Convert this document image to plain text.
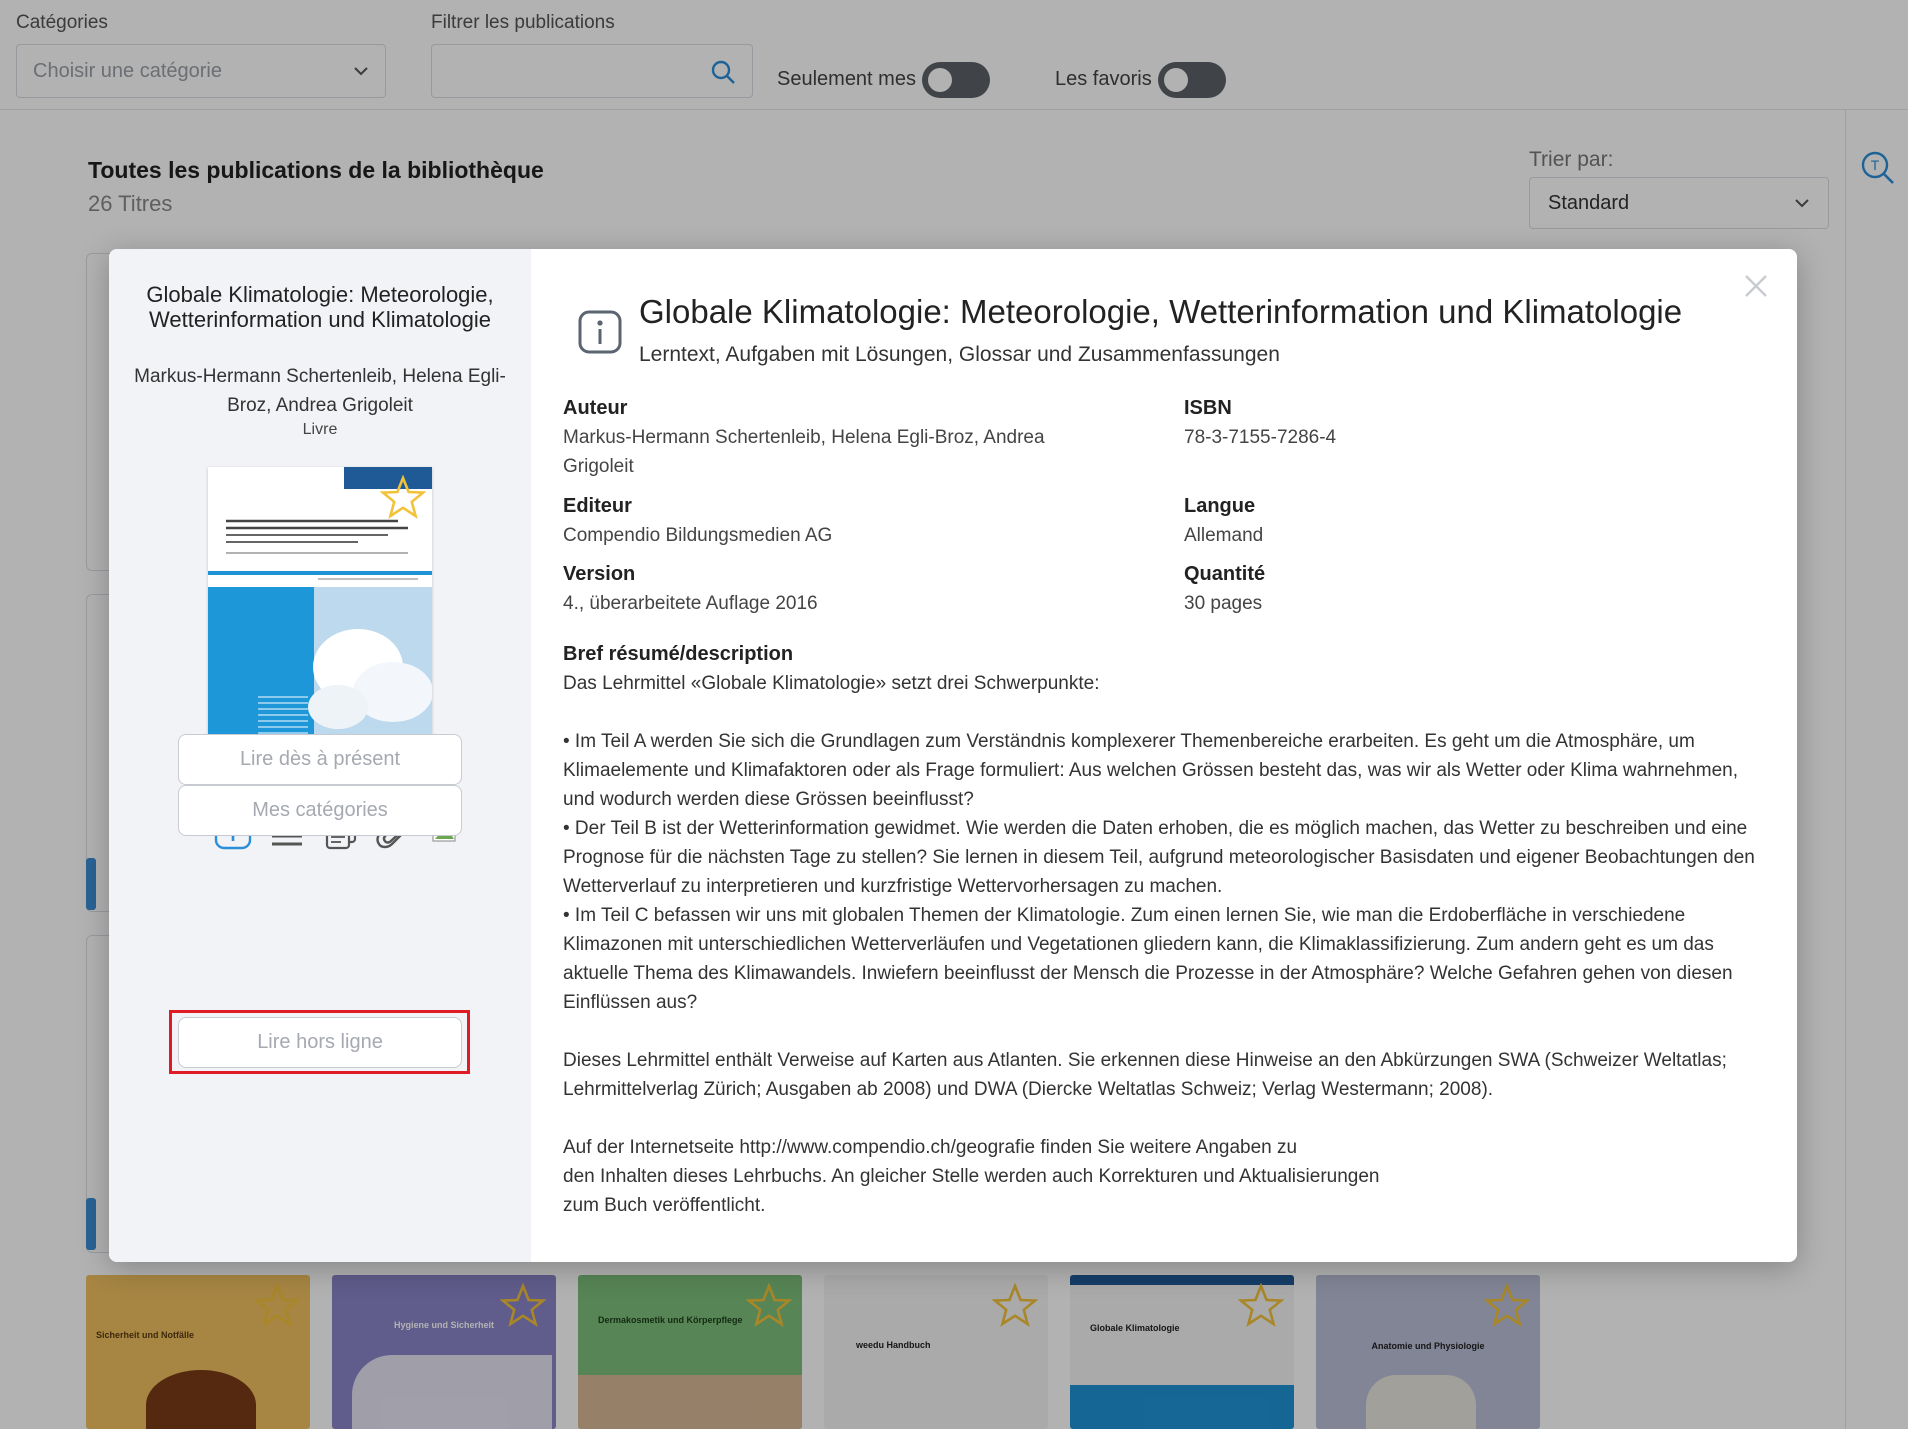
Catégories
Choisir une catégorie
Filtrer les publications
Seulement mes	Les favoris
Toutes les publications de la bibliothèque
26 Titres
Trier par:
Standard
T
Sicherheit und Notfälle
Hygiene und Sicherheit	Dermakosmetik und Körperpflege
weedu Handbuch
Globale Klimatologie
Anatomie und Physiologie
Globale Klimatologie: Meteorologie, Wetterinformation und Klimatologie
Markus-Hermann Schertenleib, Helena Egli-Broz, Andrea Grigoleit
Livre
Lire dès à présent
Mes catégories
Lire hors ligne
Globale Klimatologie: Meteorologie, Wetterinformation und Klimatologie
Lerntext, Aufgaben mit Lösungen, Glossar und Zusammenfassungen
Auteur
Markus-Hermann Schertenleib, Helena Egli-Broz, Andrea Grigoleit
ISBN
78-3-7155-7286-4
Editeur
Compendio Bildungsmedien AG
Langue
Allemand
Version
4., überarbeitete Auflage 2016
Quantité
30 pages
Bref résumé/description

Das Lehrmittel «Globale Klimatologie» setzt drei Schwerpunkte:

• Im Teil A werden Sie sich die Grundlagen zum Verständnis komplexerer Themenbereiche erarbeiten. Es geht um die Atmosphäre, um Klimaelemente und Klimafaktoren oder als Frage formuliert: Aus welchen Grössen besteht das, was wir als Wetter oder Klima wahrnehmen, und wodurch werden diese Grössen beeinflusst?

• Der Teil B ist der Wetterinformation gewidmet. Wie werden die Daten erhoben, die es möglich machen, das Wetter zu beschreiben und eine Prognose für die nächsten Tage zu stellen? Sie lernen in diesem Teil, aufgrund meteorologischer Basisdaten und eigener Beobachtungen den Wetterverlauf zu interpretieren und kurzfristige Wettervorhersagen zu machen.

• Im Teil C befassen wir uns mit globalen Themen der Klimatologie. Zum einen lernen Sie, wie man die Erdoberfläche in verschiedene Klimazonen mit unterschiedlichen Wetterverläufen und Vegetationen gliedern kann, die Klimaklassifizierung. Zum andern geht es um das aktuelle Thema des Klimawandels. Inwiefern beeinflusst der Mensch die Prozesse in der Atmosphäre? Welche Gefahren gehen von diesen Einflüssen aus?

Dieses Lehrmittel enthält Verweise auf Karten aus Atlanten. Sie erkennen diese Hinweise an den Abkürzungen SWA (Schweizer Weltatlas; Lehrmittelverlag Zürich; Ausgaben ab 2008) und DWA (Diercke Weltatlas Schweiz; Verlag Westermann; 2008).

Auf der Internetseite http://www.compendio.ch/geografie finden Sie weitere Angaben zu

den Inhalten dieses Lehrbuchs. An gleicher Stelle werden auch Korrekturen und Aktualisierungen

zum Buch veröffentlicht.
